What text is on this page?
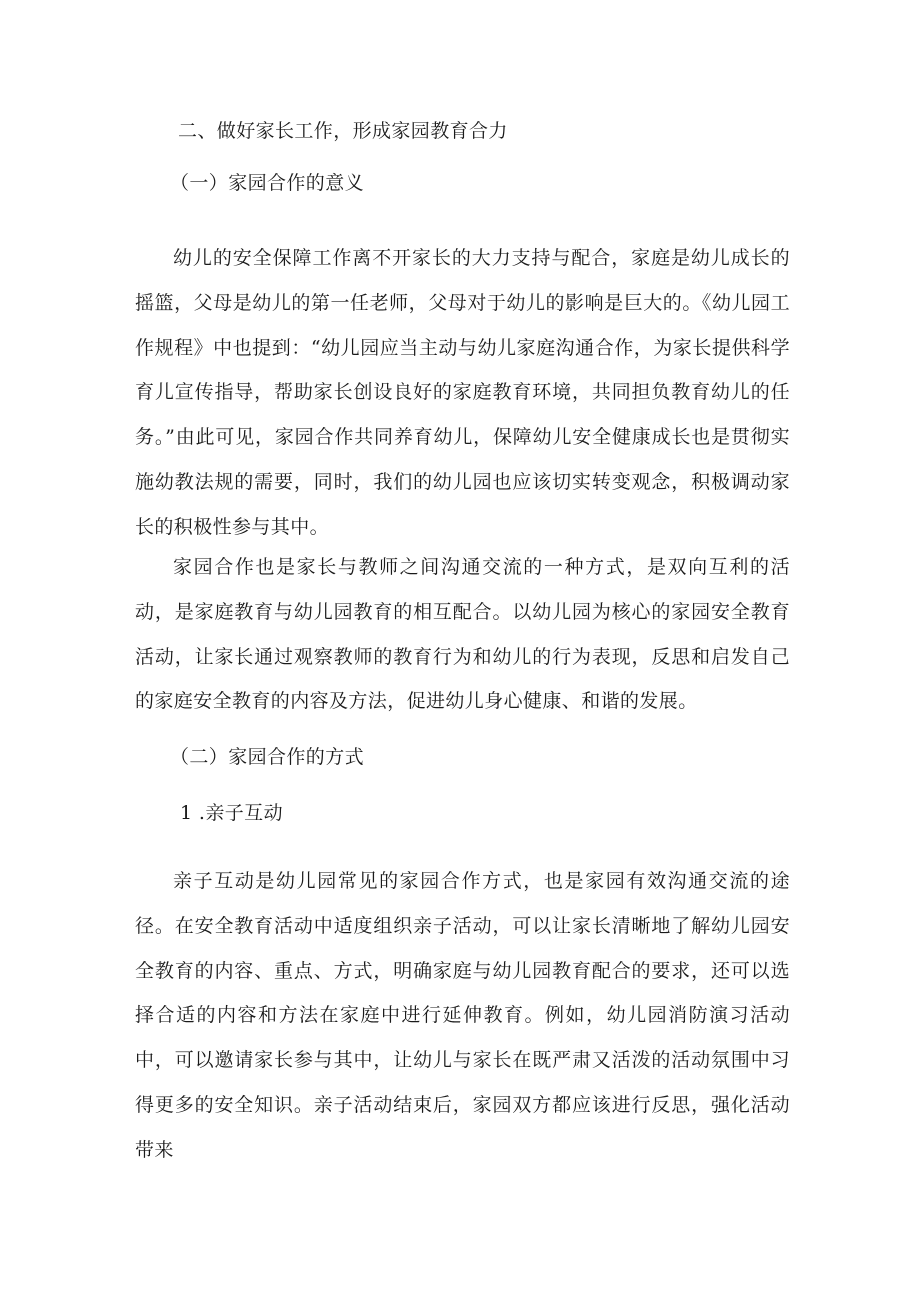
二、做好家长工作，形成家园教育合力
（一）家园合作的意义

幼儿的安全保障工作离不开家长的大力支持与配合，家庭是幼儿成长的摇篮，父母是幼儿的第一任老师，父母对于幼儿的影响是巨大的。《幼儿园工作规程》中也提到：“幼儿园应当主动与幼儿家庭沟通合作，为家长提供科学育儿宣传指导，帮助家长创设良好的家庭教育环境，共同担负教育幼儿的任务。”由此可见，家园合作共同养育幼儿，保障幼儿安全健康成长也是贯彻实施幼教法规的需要，同时，我们的幼儿园也应该切实转变观念，积极调动家长的积极性参与其中。

家园合作也是家长与教师之间沟通交流的一种方式，是双向互利的活动，是家庭教育与幼儿园教育的相互配合。以幼儿园为核心的家园安全教育活动，让家长通过观察教师的教育行为和幼儿的行为表现，反思和启发自己的家庭安全教育的内容及方法，促进幼儿身心健康、和谐的发展。

（二）家园合作的方式
1 .亲子互动

亲子互动是幼儿园常见的家园合作方式，也是家园有效沟通交流的途径。在安全教育活动中适度组织亲子活动，可以让家长清晰地了解幼儿园安全教育的内容、重点、方式，明确家庭与幼儿园教育配合的要求，还可以选择合适的内容和方法在家庭中进行延伸教育。例如，幼儿园消防演习活动中，可以邀请家长参与其中，让幼儿与家长在既严肃又活泼的活动氛围中习得更多的安全知识。亲子活动结束后，家园双方都应该进行反思，强化活动带来
